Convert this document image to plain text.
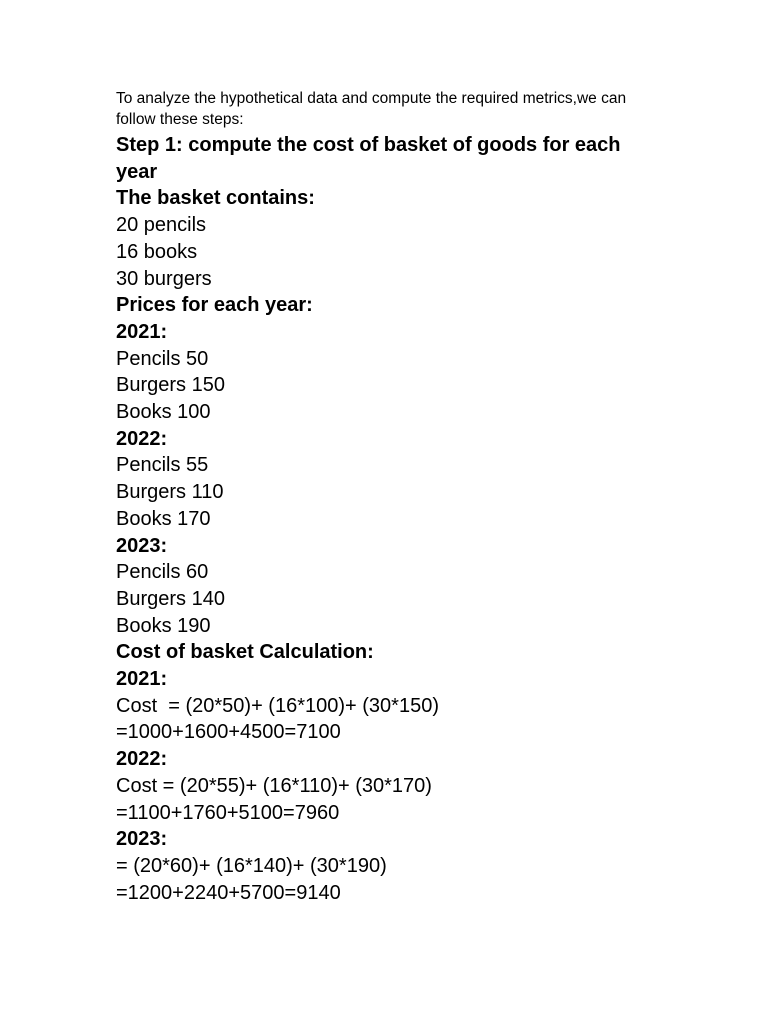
To analyze the hypothetical data and compute the required metrics,we can follow these steps:

Step 1: compute the cost of basket of goods for each year

The basket contains:

20 pencils

16 books

30 burgers

Prices for each year:

2021:

Pencils 50

Burgers 150

Books 100

2022:

Pencils 55

Burgers 110

Books 170

2023:

Pencils 60

Burgers 140

Books 190

Cost of basket Calculation:

2021:

Cost  = (20*50)+ (16*100)+ (30*150)

=1000+1600+4500=7100

2022:

Cost = (20*55)+ (16*110)+ (30*170)

=1100+1760+5100=7960

2023:

= (20*60)+ (16*140)+ (30*190)

=1200+2240+5700=9140
